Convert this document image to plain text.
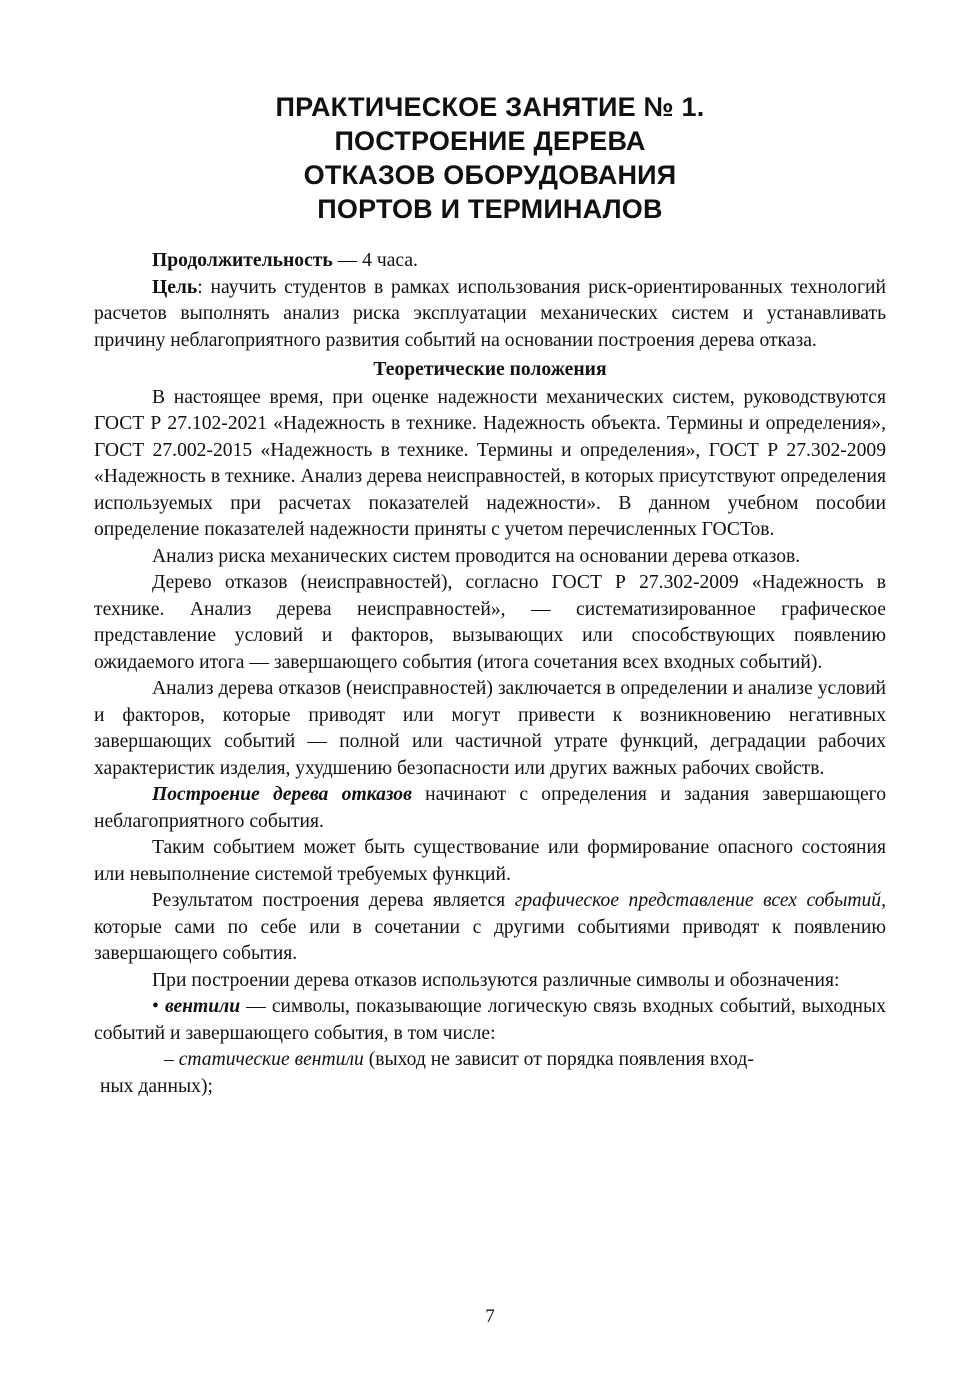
ПРАКТИЧЕСКОЕ ЗАНЯТИЕ № 1.
ПОСТРОЕНИЕ ДЕРЕВА
ОТКАЗОВ ОБОРУДОВАНИЯ
ПОРТОВ И ТЕРМИНАЛОВ

Продолжительность — 4 часа.

Цель: научить студентов в рамках использования риск-ориентированных технологий расчетов выполнять анализ риска эксплуатации механических систем и устанавливать причину неблагоприятного развития событий на основании построения дерева отказа.

Теоретические положения

В настоящее время, при оценке надежности механических систем, руководствуются ГОСТ Р 27.102-2021 «Надежность в технике. Надежность объекта. Термины и определения», ГОСТ 27.002-2015 «Надежность в технике. Термины и определения», ГОСТ Р 27.302-2009 «Надежность в технике. Анализ дерева неисправностей, в которых присутствуют определения используемых при расчетах показателей надежности». В данном учебном пособии определение показателей надежности приняты с учетом перечисленных ГОСТов.

Анализ риска механических систем проводится на основании дерева отказов.

Дерево отказов (неисправностей), согласно ГОСТ Р 27.302-2009 «Надежность в технике. Анализ дерева неисправностей», — систематизированное графическое представление условий и факторов, вызывающих или способствующих появлению ожидаемого итога — завершающего события (итога сочетания всех входных событий).

Анализ дерева отказов (неисправностей) заключается в определении и анализе условий и факторов, которые приводят или могут привести к возникновению негативных завершающих событий — полной или частичной утрате функций, деградации рабочих характеристик изделия, ухудшению безопасности или других важных рабочих свойств.

Построение дерева отказов начинают с определения и задания завершающего неблагоприятного события.

Таким событием может быть существование или формирование опасного состояния или невыполнение системой требуемых функций.

Результатом построения дерева является графическое представление всех событий, которые сами по себе или в сочетании с другими событиями приводят к появлению завершающего события.

При построении дерева отказов используются различные символы и обозначения:

• вентили — символы, показывающие логическую связь входных событий, выходных событий и завершающего события, в том числе:

– статические вентили (выход не зависит от порядка появления вход-
ных данных);

7
